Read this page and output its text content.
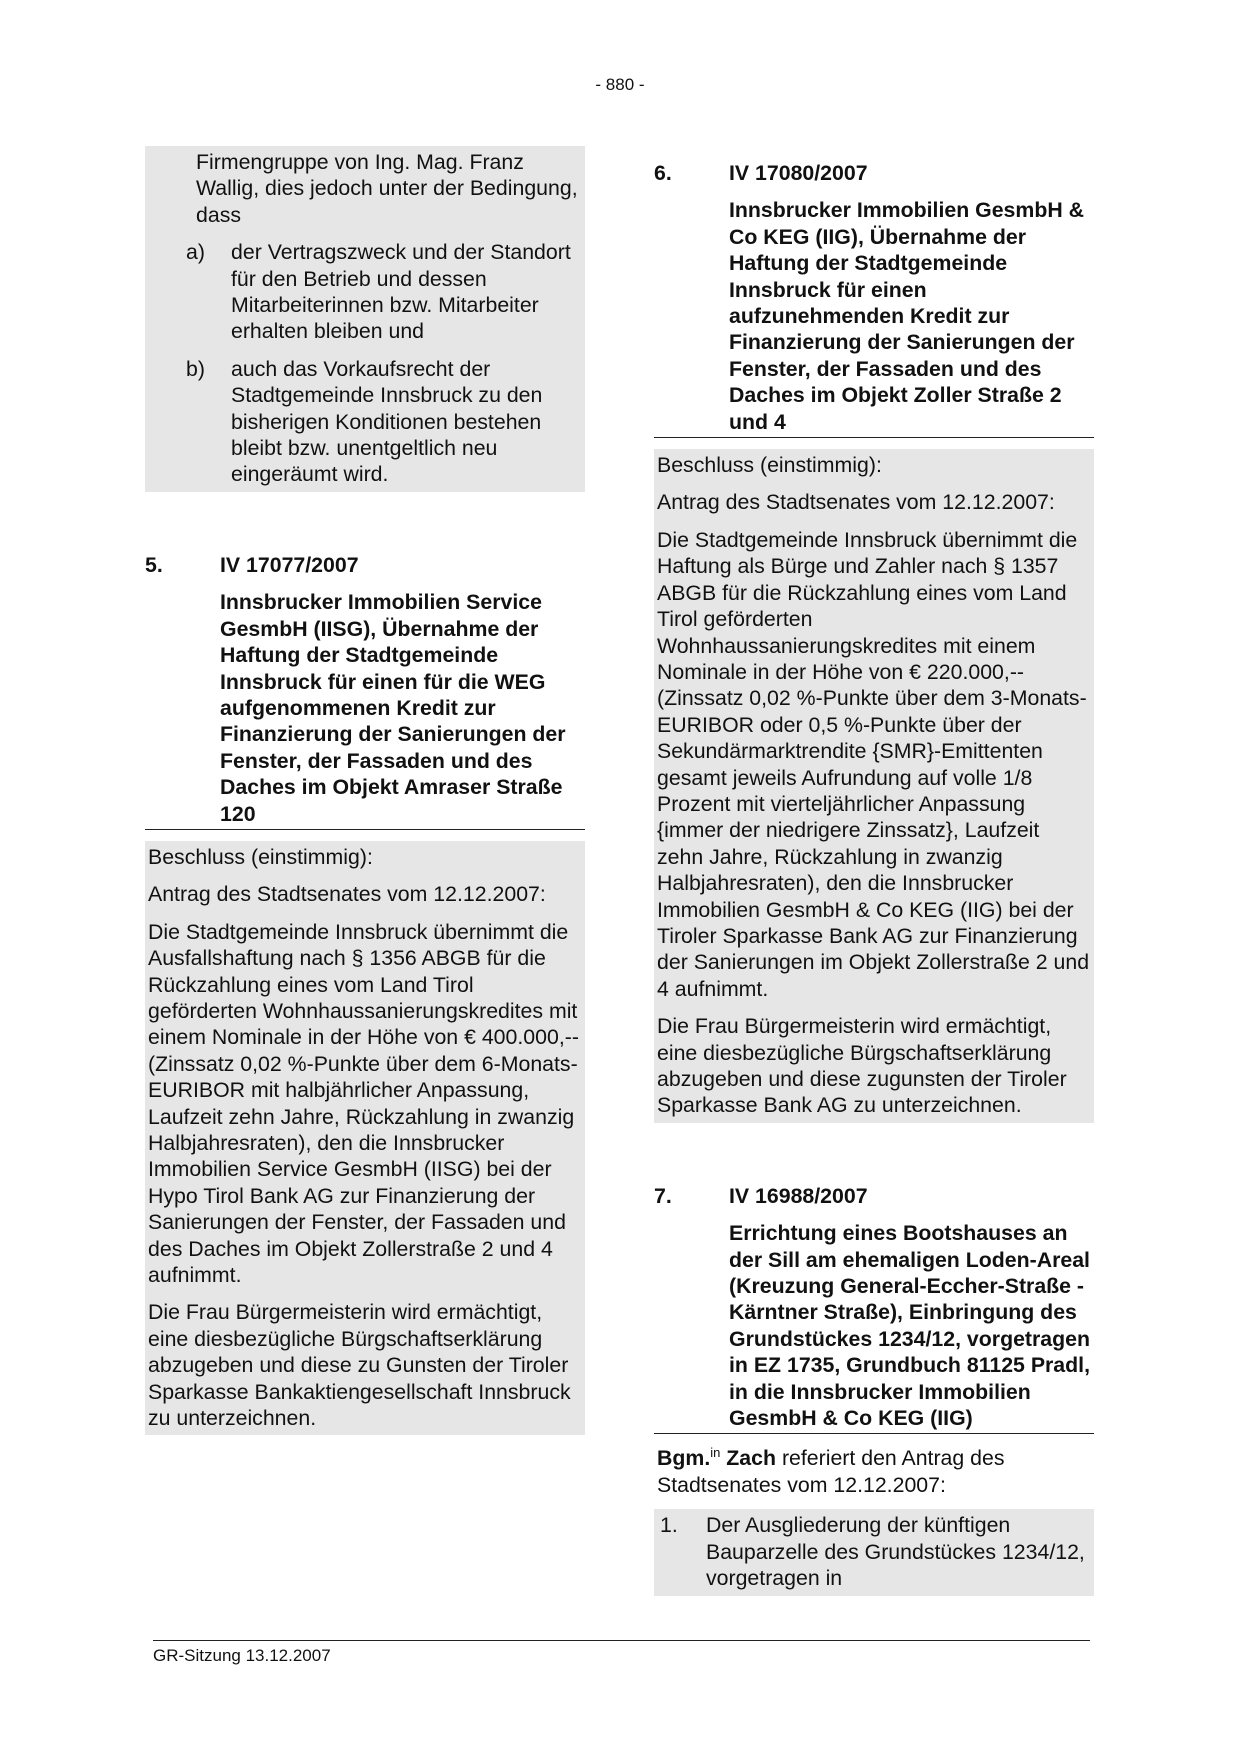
- 880 -

Firmengruppe von Ing. Mag. Franz Wallig, dies jedoch unter der Bedingung, dass

a)	der Vertragszweck und der Standort für den Betrieb und dessen Mitarbeiterinnen bzw. Mitarbeiter erhalten bleiben und
b)	auch das Vorkaufsrecht der Stadtgemeinde Innsbruck zu den bisherigen Konditionen bestehen bleibt bzw. unentgeltlich neu eingeräumt wird.
5.	IV 17077/2007
Innsbrucker Immobilien Service GesmbH (IISG), Übernahme der Haftung der Stadtgemeinde Innsbruck für einen für die WEG aufgenommenen Kredit zur Finanzierung der Sanierungen der Fenster, der Fassaden und des Daches im Objekt Amraser Straße 120

Beschluss (einstimmig):

Antrag des Stadtsenates vom 12.12.2007:

Die Stadtgemeinde Innsbruck übernimmt die Ausfallshaftung nach § 1356 ABGB für die Rückzahlung eines vom Land Tirol geförderten Wohnhaussanierungskredites mit einem Nominale in der Höhe von € 400.000,-- (Zinssatz 0,02 %-Punkte über dem 6-Monats-EURIBOR mit halbjährlicher Anpassung, Laufzeit zehn Jahre, Rückzahlung in zwanzig Halbjahresraten), den die Innsbrucker Immobilien Service GesmbH (IISG) bei der Hypo Tirol Bank AG zur Finanzierung der Sanierungen der Fenster, der Fassaden und des Daches im Objekt Zollerstraße 2 und 4 aufnimmt.

Die Frau Bürgermeisterin wird ermächtigt, eine diesbezügliche Bürgschaftserklärung abzugeben und diese zu Gunsten der Tiroler Sparkasse Bankaktiengesellschaft Innsbruck zu unterzeichnen.

6.	IV 17080/2007
Innsbrucker Immobilien GesmbH & Co KEG (IIG), Übernahme der Haftung der Stadtgemeinde Innsbruck für einen aufzunehmenden Kredit zur Finanzierung der Sanierungen der Fenster, der Fassaden und des Daches im Objekt Zoller Straße 2 und 4

Beschluss (einstimmig):

Antrag des Stadtsenates vom 12.12.2007:

Die Stadtgemeinde Innsbruck übernimmt die Haftung als Bürge und Zahler nach § 1357 ABGB für die Rückzahlung eines vom Land Tirol geförderten Wohnhaussanierungskredites mit einem Nominale in der Höhe von € 220.000,-- (Zinssatz 0,02 %-Punkte über dem 3-Monats-EURIBOR oder 0,5 %-Punkte über der Sekundärmarktrendite {SMR}-Emittenten gesamt jeweils Aufrundung auf volle 1/8 Prozent mit vierteljährlicher Anpassung {immer der niedrigere Zinssatz}, Laufzeit zehn Jahre, Rückzahlung in zwanzig Halbjahresraten), den die Innsbrucker Immobilien GesmbH & Co KEG (IIG) bei der Tiroler Sparkasse Bank AG zur Finanzierung der Sanierungen im Objekt Zollerstraße 2 und 4 aufnimmt.

Die Frau Bürgermeisterin wird ermächtigt, eine diesbezügliche Bürgschaftserklärung abzugeben und diese zugunsten der Tiroler Sparkasse Bank AG zu unterzeichnen.

7.	IV 16988/2007
Errichtung eines Bootshauses an der Sill am ehemaligen Loden-Areal (Kreuzung General-Eccher-Straße - Kärntner Straße), Einbringung des Grundstückes 1234/12, vorgetragen in EZ 1735, Grundbuch 81125 Pradl, in die Innsbrucker Immobilien GesmbH & Co KEG (IIG)

Bgm.$^{in}$ Zach referiert den Antrag des Stadtsenates vom 12.12.2007:

1.	Der Ausgliederung der künftigen Bauparzelle des Grundstückes 1234/12, vorgetragen in
GR-Sitzung 13.12.2007
